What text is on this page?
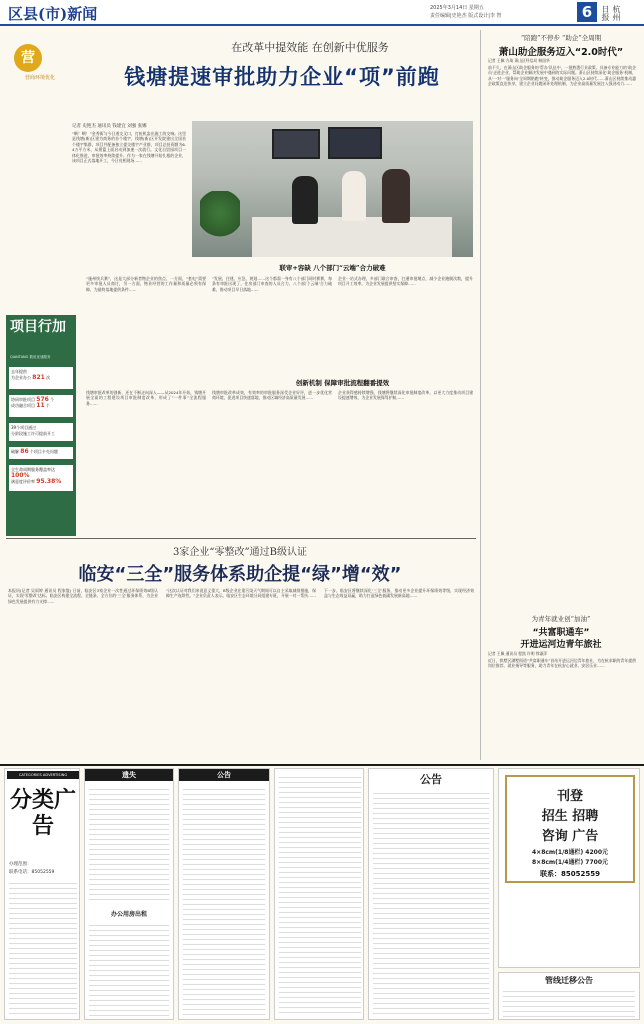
区县(市)新闻	2025年3月14日 星期五
责任编辑|史艳杰 版式设计|李 智	6	杭州日报
在改革中提效能 在创新中优服务
钱塘提速审批助力企业“项”前跑
营
营商环境优化
记者 史艳杰 通讯员 钱建宜 刘强 张娜
“啊！啊！”金秀街与今日道交叉口，打桩机轰出施工的交响。这里是钱塘(新)区建为商务的首个楼宇，钱塘(新)区开发院建出全国首个楼宇集群，项目共配备独立提交楼宇产业群，项目总投资额为6.4万平方米，从摇篮上面启动到加速一次就行。文化自贸园项目一体化推进，审批效率持续提升。作为一家在钱塘开始扎根的企业，该项目正式落地开工，今日亮相现场……
联审+容缺 八个部门“云端”合力破难
项目行加
QIANTANG 数说优速服务
去年提供
为企业办公 821 次
协同审批项目 576 个
成功融合项目 11 个
39个项目通过
分阶段施工许可提前开工
破解 86 个项目卡壳问题
全生命周期服务覆盖率达
100%
满意度评价率 95.38%
“施州快兵赛”，这是大部分新者物企业的焦点，一方面，“套电”需要更多审批人员商讨，另一方面，物业经营的工作量和质量必须有保障，为最终落地提供条件……
“发展、住建、应急、规划……这个都需一身有八个部门同时赛赛，每条有审批出现了，住房部门审查的人员合力，八个部门‘云端’合力破难，推动项目早日落地……
企业一站式办理，多部门联合审查，打通审批堵点，减少企业跑腿次数，提升项目开工效率，为企业发展提供坚实保障……
创新机制 保障审批流程翻番提效
钱塘审批改革的创新，还在不断走向深入——从2024年开始，钱塘开展全面的工程建设项目审批制度改革，形成了“一件事”全流程服务……
钱塘审批改革成效，有效率的审批服务深受企业好评，进一步优化营商环境，促进项目快速落地，推动区域经济高质量发展……
企业获得感持续增强，钱塘将继续深化审批制度改革，以更大力度推动项目建设提速增效，为企业发展保驾护航……
“陪跑”不停步 “助企”全周期
萧山助企服务迈入“2.0时代”
记者 王佩 方琦 萧山区经信局 韩国华
前不久，在萧山区助企服务的‘帮办’队伍中，一批熟悉行业政策、具备专业能力的‘助企员’走进企业，帮助企业解决发展中遇到的实际问题。萧山区持续深化‘助企服务’机制，从‘一对一’服务向‘全周期陪跑’转变，推动助企服务迈入2.0时代……萧山区持续推动惠企政策直达快享，建立企业问题闭环处理机制，为企业高质量发展注入强劲动力……
为青年就业创“加油”
“共富职通车”
开进运河边青年旅社
记者 王佩 通讯员 程凯 许明 徐淑萍
近日，拱墅区湖墅街道“共富职通车”首站开进运河边青年旅社，为在杭求职的青年提供岗位推荐、就业指导等服务，助力青年在杭安心就业、安居乐业……
3家企业“零整改”通过B级认证
临安“三全”服务体系助企提“绿”增“效”
本报讯(记者 吴雨婷 通讯员 程家俊) 日前，临安区3家企业一次性通过环保绩效B级认证，实现‘零整改’达标。临安区构建全流程、全链条、全方位的‘三全’服务体系，为企业绿色发展提供有力支撑……
“这次认证对我们来说意义重大，B级企业在重污染天气期间可以自主采取减排措施，保障生产连续性。”企业负责人表示。临安区生态环境分局组建专班，开展一对一帮扶……
下一步，临安区将继续深化‘三全’服务，推动更多企业提升环保绩效等级，实现经济效益与生态效益双赢，助力打造绿色低碳发展新高地……
CATEGORIES ADVERTISING
分类广告
办理范围：
联系电话：85052559
遗失
办公用房出租
公告	公告
刊登
招生 招聘
咨询 广告
4×8cm(1/8通栏) 4200元
8×8cm(1/4通栏) 7700元
联系：85052559
管线迁移公告
